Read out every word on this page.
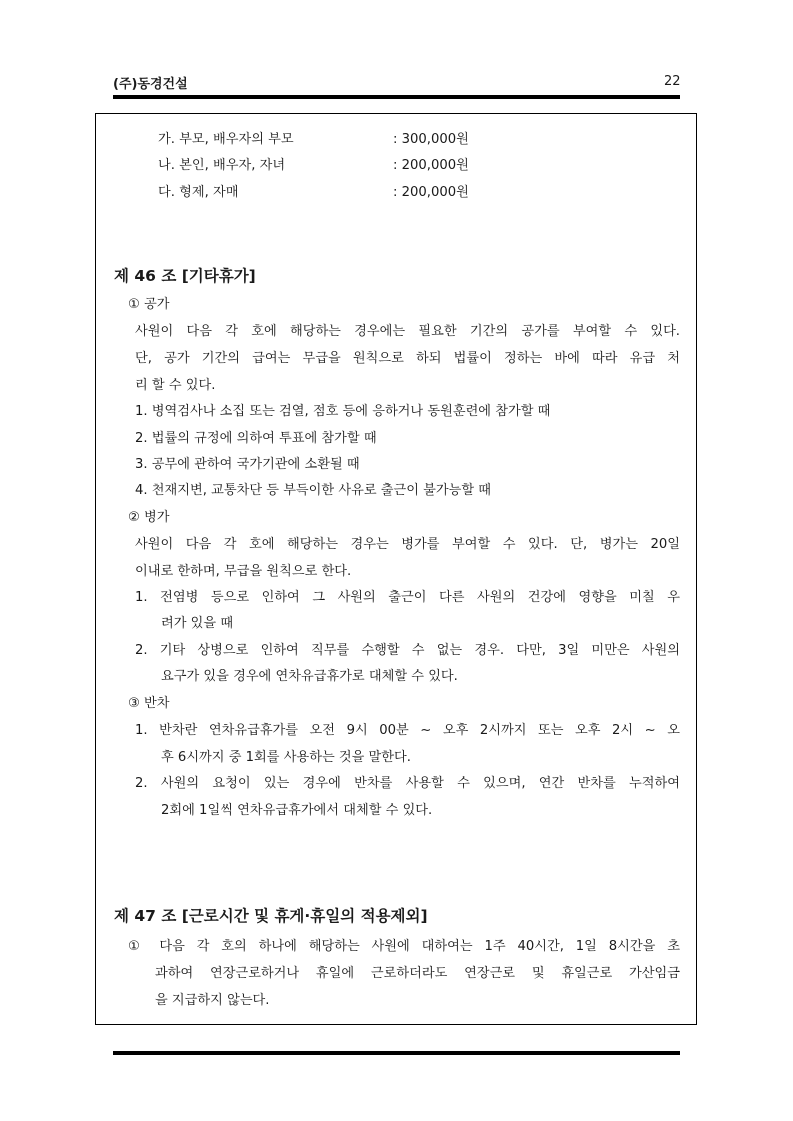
(주)동경건설	22
가. 부모, 배우자의 부모	: 300,000원
나. 본인, 배우자, 자녀	: 200,000원
다. 형제, 자매	: 200,000원
제 46 조 [기타휴가]
① 공가
사원이 다음 각 호에 해당하는 경우에는 필요한 기간의 공가를 부여할 수 있다.
단, 공가 기간의 급여는 무급을 원칙으로 하되 법률이 정하는 바에 따라 유급 처
리 할 수 있다.
1. 병역검사나 소집 또는 검열, 점호 등에 응하거나 동원훈련에 참가할 때
2. 법률의 규정에 의하여 투표에 참가할 때
3. 공무에 관하여 국가기관에 소환될 때
4. 천재지변, 교통차단 등 부득이한 사유로 출근이 불가능할 때
② 병가
사원이 다음 각 호에 해당하는 경우는 병가를 부여할 수 있다. 단, 병가는 20일
이내로 한하며, 무급을 원칙으로 한다.
1. 전염병 등으로 인하여 그 사원의 출근이 다른 사원의 건강에 영향을 미칠 우
려가 있을 때
2. 기타 상병으로 인하여 직무를 수행할 수 없는 경우. 다만, 3일 미만은 사원의
요구가 있을 경우에 연차유급휴가로 대체할 수 있다.
③ 반차
1. 반차란 연차유급휴가를 오전 9시 00분 ~ 오후 2시까지 또는 오후 2시 ~ 오
후 6시까지 중 1회를 사용하는 것을 말한다.
2. 사원의 요청이 있는 경우에 반차를 사용할 수 있으며, 연간 반차를 누적하여
2회에 1일씩 연차유급휴가에서 대체할 수 있다.
제 47 조 [근로시간 및 휴게·휴일의 적용제외]
① 다음 각 호의 하나에 해당하는 사원에 대하여는 1주 40시간, 1일 8시간을 초
과하여 연장근로하거나 휴일에 근로하더라도 연장근로 및 휴일근로 가산임금
을 지급하지 않는다.
